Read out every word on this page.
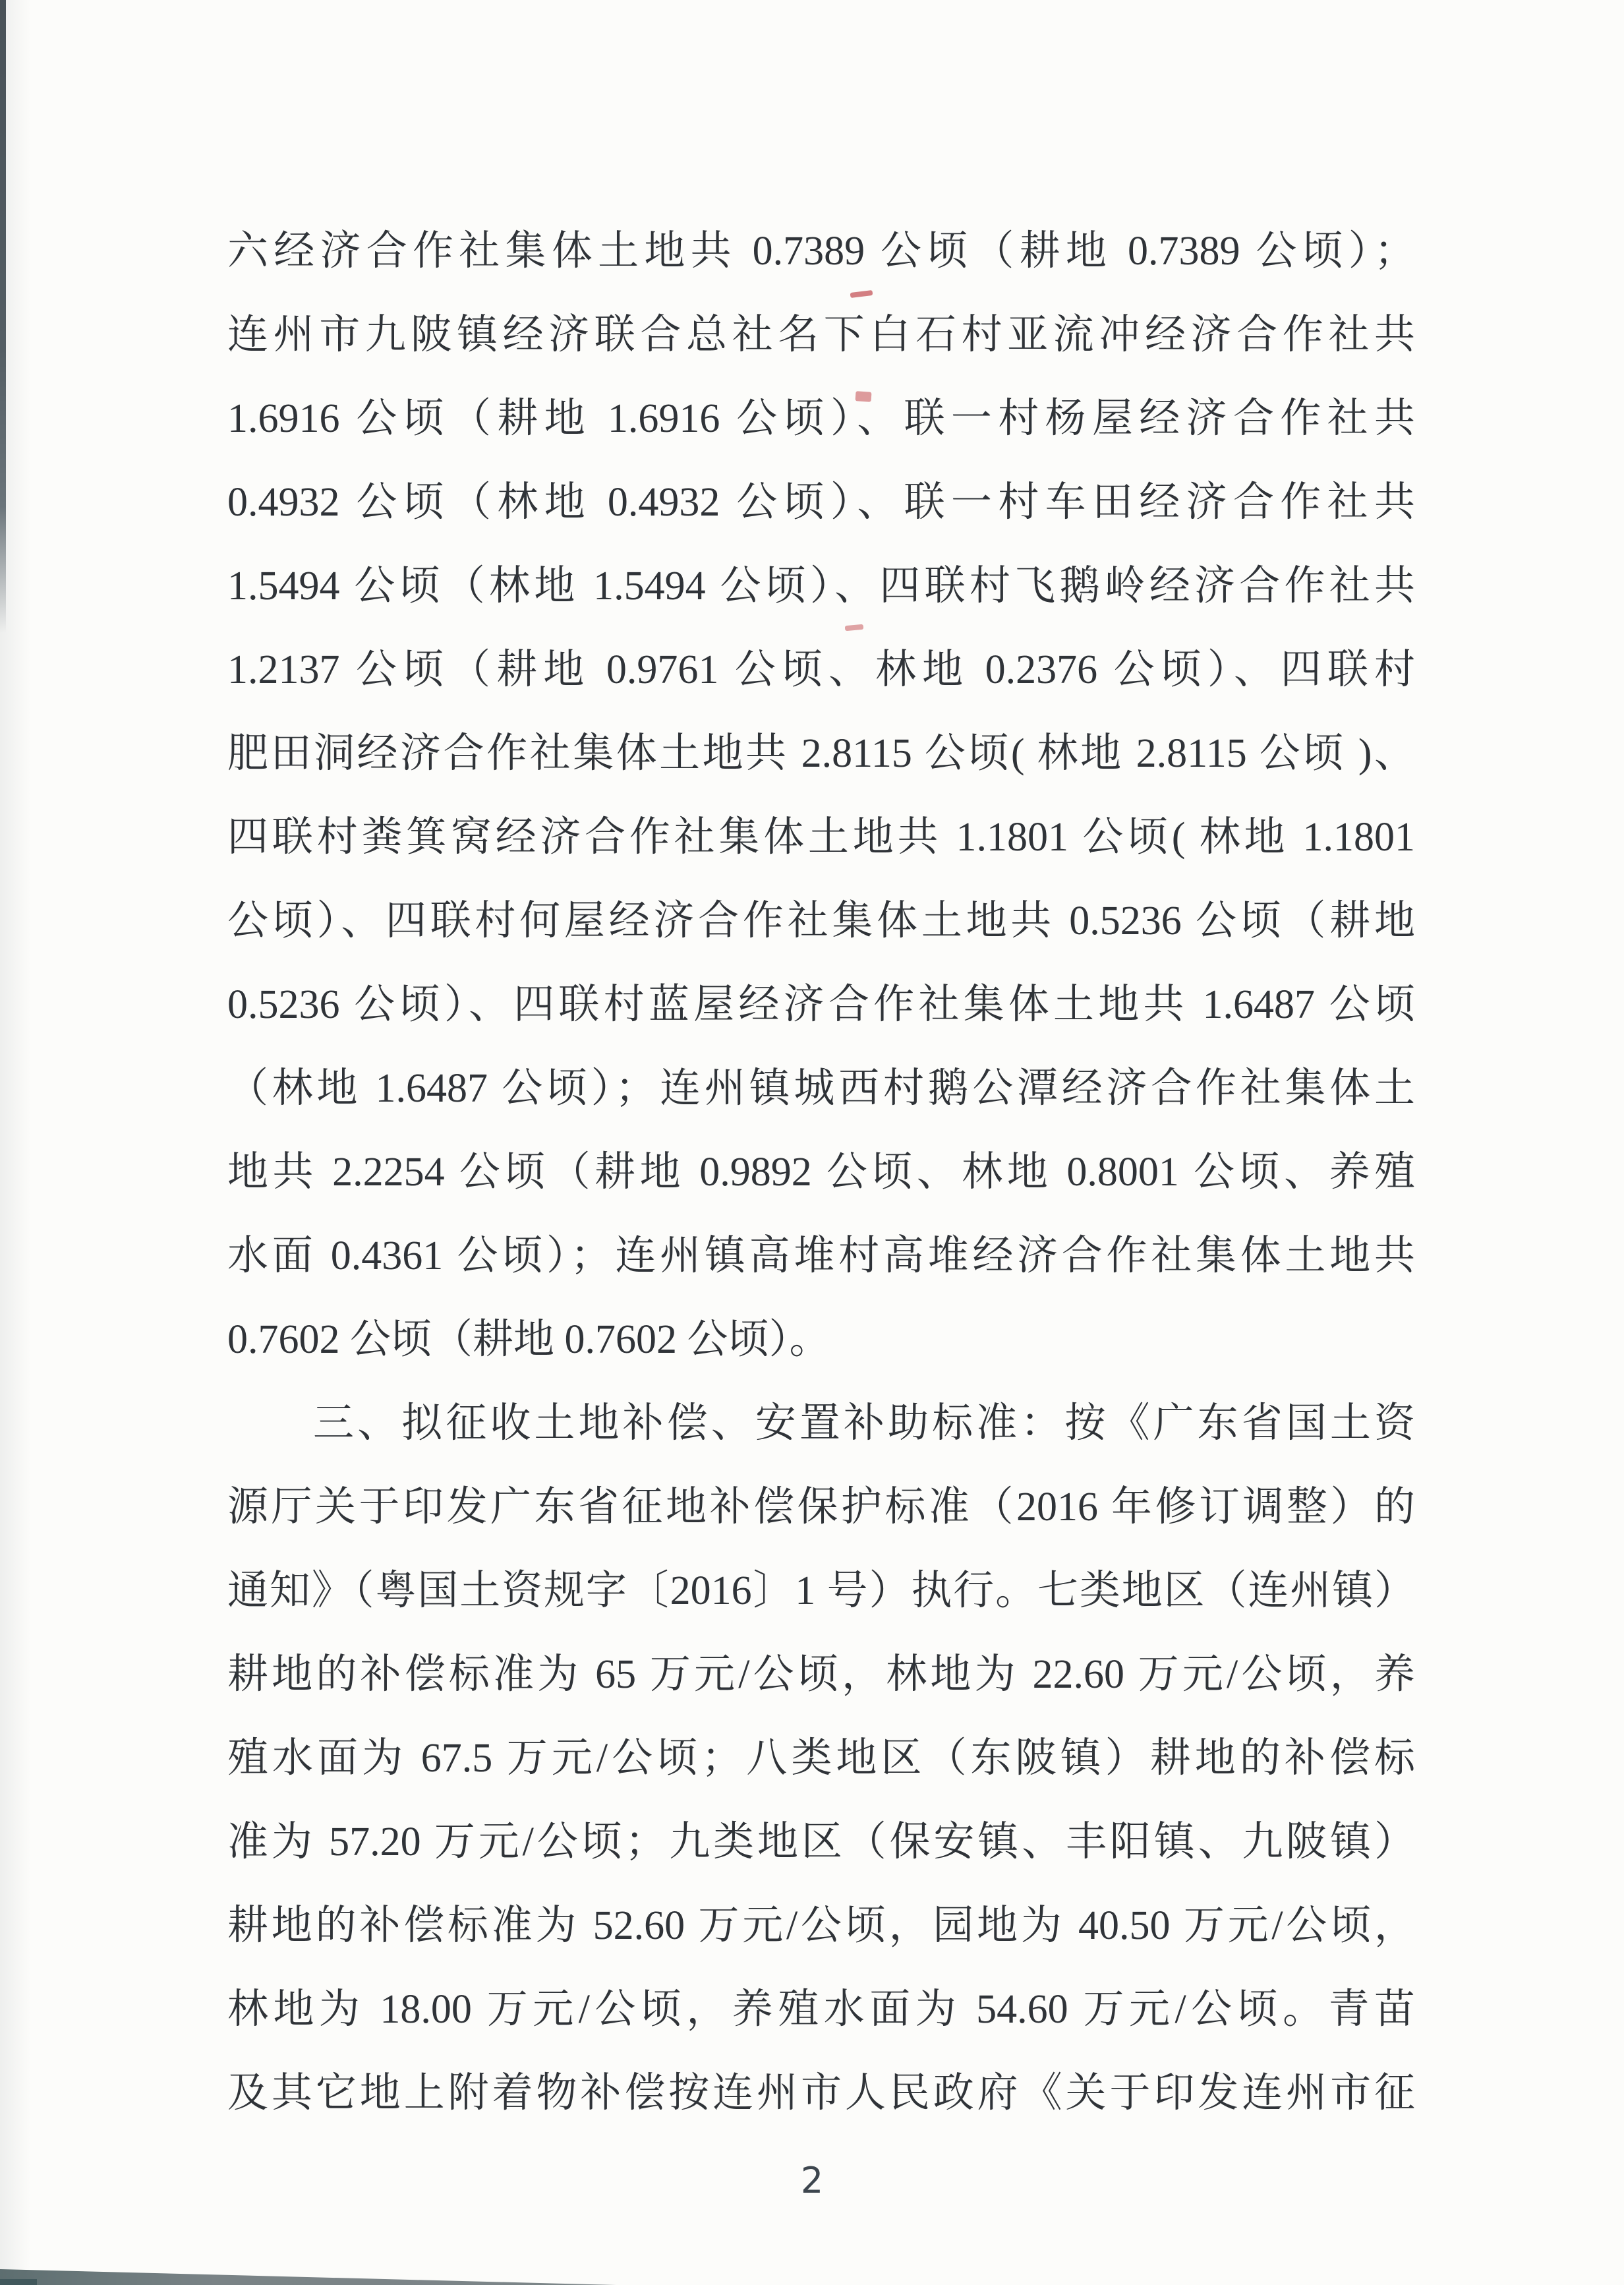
六经济合作社集体土地共 0.7389 公顷（耕地 0.7389 公顷）；
连州市九陂镇经济联合总社名下白石村亚流冲经济合作社共
1.6916 公顷（耕地 1.6916 公顷）、联一村杨屋经济合作社共
0.4932 公顷（林地 0.4932 公顷）、联一村车田经济合作社共
1.5494 公顷（林地 1.5494 公顷）、四联村飞鹅岭经济合作社共
1.2137 公顷（耕地 0.9761 公顷、林地 0.2376 公顷）、四联村
肥田洞经济合作社集体土地共 2.8115 公顷( 林地 2.8115 公顷 )、
四联村粪箕窝经济合作社集体土地共 1.1801 公顷( 林地 1.1801
公顷）、四联村何屋经济合作社集体土地共 0.5236 公顷（耕地
0.5236 公顷）、四联村蓝屋经济合作社集体土地共 1.6487 公顷
（林地 1.6487 公顷）；连州镇城西村鹅公潭经济合作社集体土
地共 2.2254 公顷（耕地 0.9892 公顷、林地 0.8001 公顷、养殖
水面 0.4361 公顷）；连州镇高堆村高堆经济合作社集体土地共
0.7602 公顷（耕地 0.7602 公顷）。
三、拟征收土地补偿、安置补助标准：按《广东省国土资
源厅关于印发广东省征地补偿保护标准（2016 年修订调整）的
通知》（粤国土资规字〔2016〕1 号）执行。七类地区（连州镇）
耕地的补偿标准为 65 万元/公顷，林地为 22.60 万元/公顷，养
殖水面为 67.5 万元/公顷；八类地区（东陂镇）耕地的补偿标
准为 57.20 万元/公顷；九类地区（保安镇、丰阳镇、九陂镇）
耕地的补偿标准为 52.60 万元/公顷，园地为 40.50 万元/公顷，
林地为 18.00 万元/公顷，养殖水面为 54.60 万元/公顷。青苗
及其它地上附着物补偿按连州市人民政府《关于印发连州市征
2
